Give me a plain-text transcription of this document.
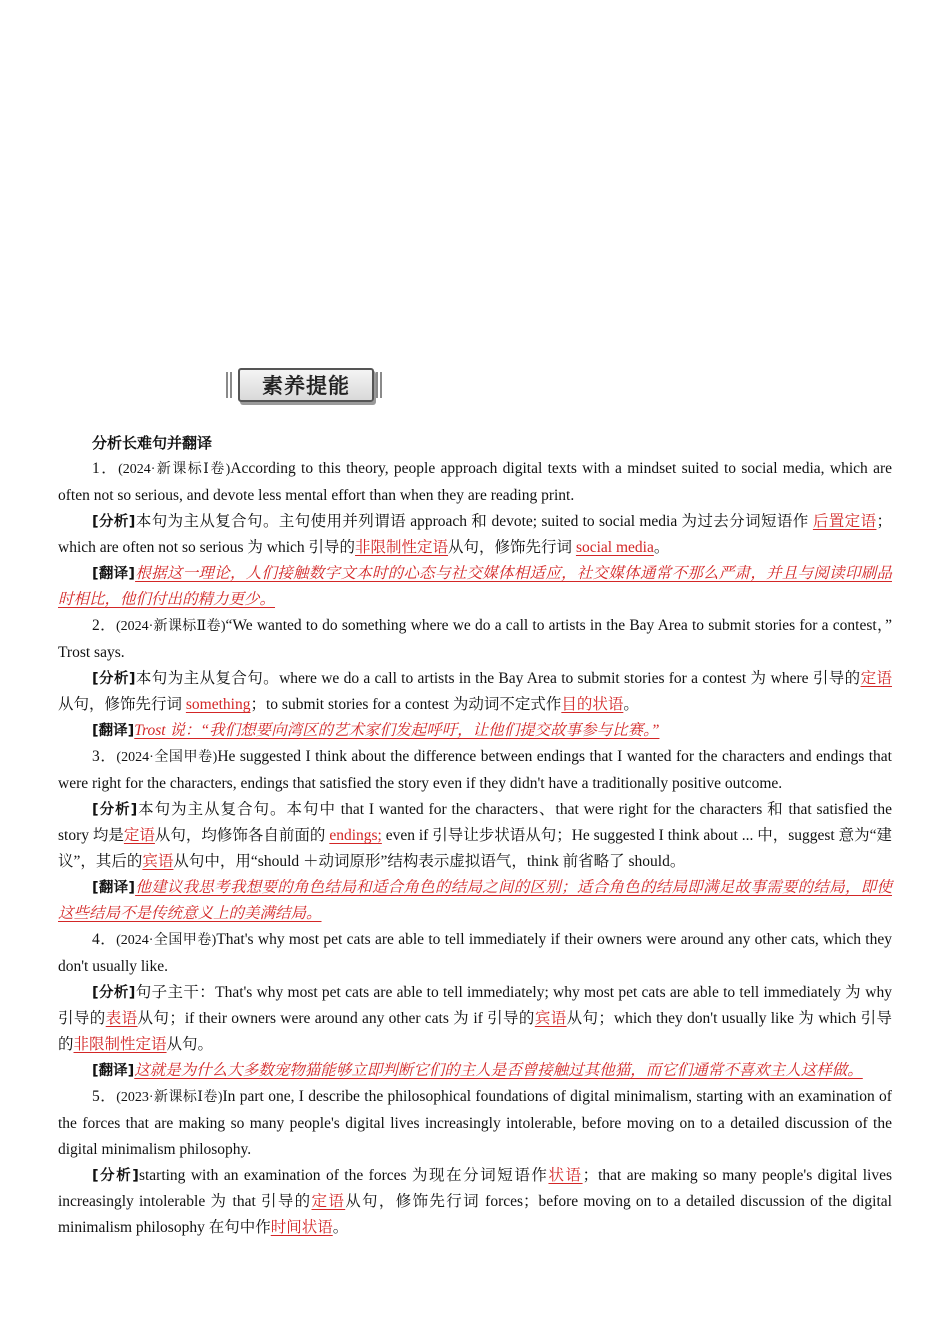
素养提能
分析长难句并翻译

1．(2024·新课标Ⅰ卷)According to this theory, people approach digital texts with a mindset suited to social media, which are often not so serious, and devote less mental effort than when they are reading print.

[分析]本句为主从复合句。主句使用并列谓语 approach 和 devote; suited to social media 为过去分词短语作 后置定语；which are often not so serious 为 which 引导的非限制性定语从句，修饰先行词 social media。

[翻译]根据这一理论，人们接触数字文本时的心态与社交媒体相适应，社交媒体通常不那么严肃，并且与阅读印刷品时相比，他们付出的精力更少。

2．(2024·新课标Ⅱ卷)“We wanted to do something where we do a call to artists in the Bay Area to submit stories for a contest，” Trost says.

[分析]本句为主从复合句。where we do a call to artists in the Bay Area to submit stories for a contest 为 where 引导的定语从句，修饰先行词 something；to submit stories for a contest 为动词不定式作目的状语。

[翻译]Trost 说：“我们想要向湾区的艺术家们发起呼吁，让他们提交故事参与比赛。”

3．(2024·全国甲卷)He suggested I think about the difference between endings that I wanted for the characters and endings that were right for the characters, endings that satisfied the story even if they didn't have a traditionally positive outcome.

[分析]本句为主从复合句。本句中 that I wanted for the characters、that were right for the characters 和 that satisfied the story 均是定语从句，均修饰各自前面的 endings; even if 引导让步状语从句；He suggested I think about ... 中，suggest 意为“建议”，其后的宾语从句中，用“should ＋动词原形”结构表示虚拟语气，think 前省略了 should。

[翻译]他建议我思考我想要的角色结局和适合角色的结局之间的区别；适合角色的结局即满足故事需要的结局，即使这些结局不是传统意义上的美满结局。

4．(2024·全国甲卷)That's why most pet cats are able to tell immediately if their owners were around any other cats, which they don't usually like.

[分析]句子主干：That's why most pet cats are able to tell immediately; why most pet cats are able to tell immediately 为 why 引导的表语从句；if their owners were around any other cats 为 if 引导的宾语从句；which they don't usually like 为 which 引导的非限制性定语从句。

[翻译]这就是为什么大多数宠物猫能够立即判断它们的主人是否曾接触过其他猫，而它们通常不喜欢主人这样做。

5．(2023·新课标Ⅰ卷)In part one, I describe the philosophical foundations of digital minimalism, starting with an examination of the forces that are making so many people's digital lives increasingly intolerable, before moving on to a detailed discussion of the digital minimalism philosophy.

[分析]starting with an examination of the forces 为现在分词短语作状语；that are making so many people's digital lives increasingly intolerable 为 that 引导的定语从句，修饰先行词 forces；before moving on to a detailed discussion of the digital minimalism philosophy 在句中作时间状语。
